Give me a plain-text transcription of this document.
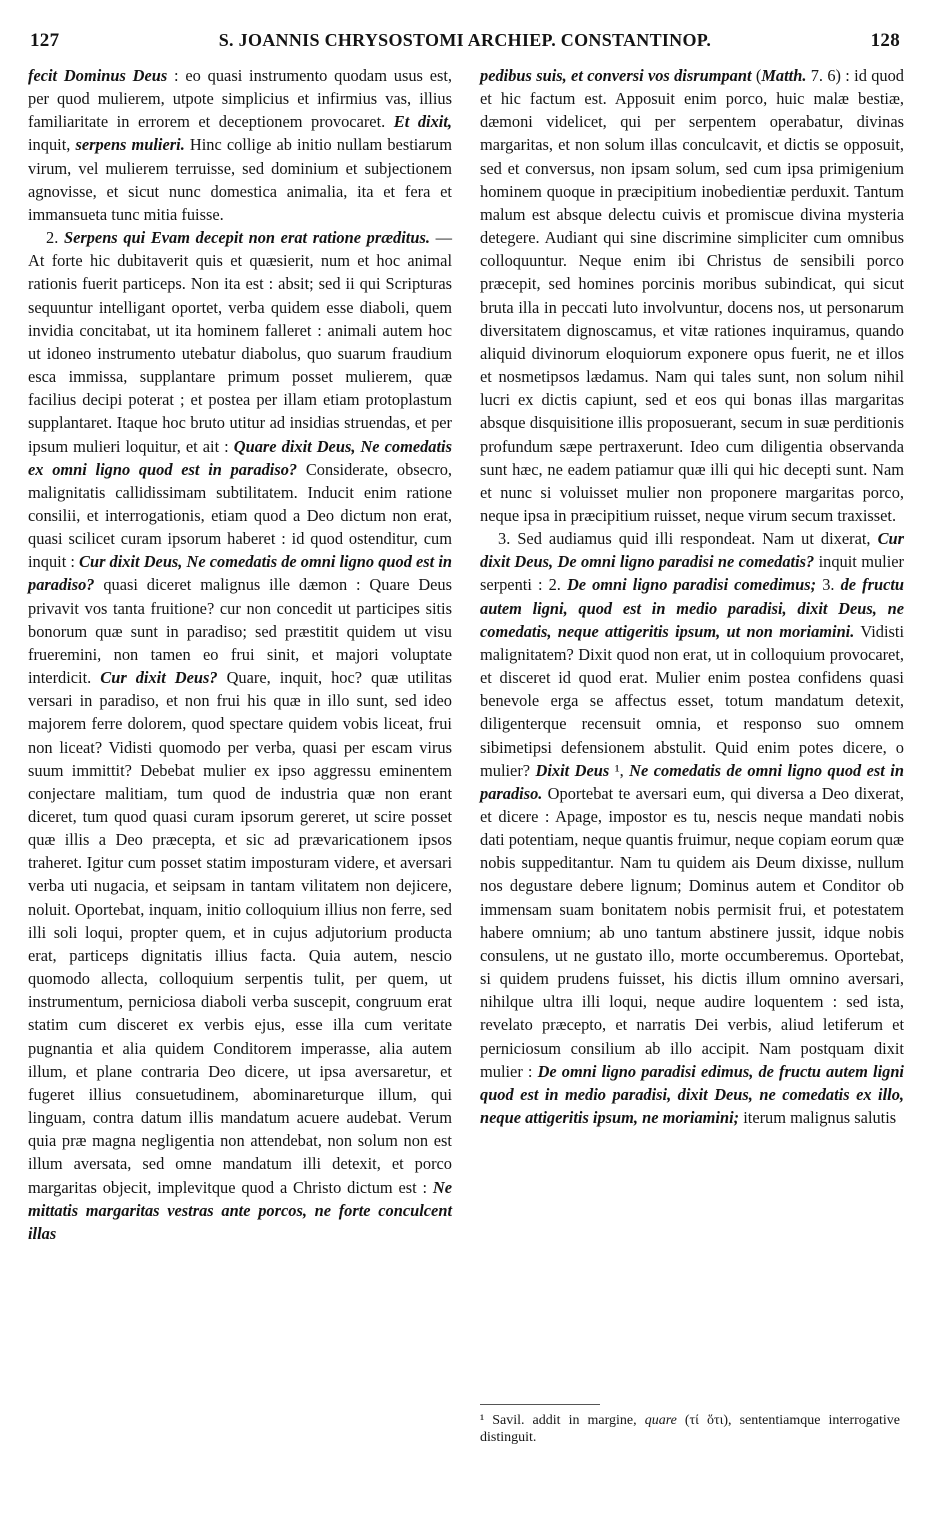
127	S. JOANNIS CHRYSOSTOMI ARCHIEP. CONSTANTINOP.	128

fecit Dominus Deus : eo quasi instrumento quodam usus est, per quod mulierem, utpote simplicius et infirmius vas, illius familiaritate in errorem et deceptionem provocaret. Et dixit, inquit, serpens mulieri. Hinc collige ab initio nullam bestiarum virum, vel mulierem terruisse, sed dominium et subjectionem agnovisse, et sicut nunc domestica animalia, ita et fera et immansueta tunc mitia fuisse.

2. Serpens qui Evam decepit non erat ratione præditus. —At forte hic dubitaverit quis et quæsierit, num et hoc animal rationis fuerit particeps. Non ita est : absit; sed ii qui Scripturas sequuntur intelligant oportet, verba quidem esse diaboli, quem invidia concitabat, ut ita hominem falleret : animali autem hoc ut idoneo instrumento utebatur diabolus, quo suarum fraudium esca immissa, supplantare primum posset mulierem, quæ facilius decipi poterat ; et postea per illam etiam protoplastum supplantaret. Itaque hoc bruto utitur ad insidias struendas, et per ipsum mulieri loquitur, et ait : Quare dixit Deus, Ne comedatis ex omni ligno quod est in paradiso? Considerate, obsecro, malignitatis callidissimam subtilitatem. Inducit enim ratione consilii, et interrogationis, etiam quod a Deo dictum non erat, quasi scilicet curam ipsorum haberet : id quod ostenditur, cum inquit : Cur dixit Deus, Ne comedatis de omni ligno quod est in paradiso? quasi diceret malignus ille dæmon : Quare Deus privavit vos tanta fruitione? cur non concedit ut participes sitis bonorum quæ sunt in paradiso; sed præstitit quidem ut visu frueremini, non tamen eo frui sinit, et majori voluptate interdicit. Cur dixit Deus? Quare, inquit, hoc? quæ utilitas versari in paradiso, et non frui his quæ in illo sunt, sed ideo majorem ferre dolorem, quod spectare quidem vobis liceat, frui non liceat? Vidisti quomodo per verba, quasi per escam virus suum immittit? Debebat mulier ex ipso aggressu eminentem conjectare malitiam, tum quod de industria quæ non erant diceret, tum quod quasi curam ipsorum gereret, ut scire posset quæ illis a Deo præcepta, et sic ad prævaricationem ipsos traheret. Igitur cum posset statim imposturam videre, et aversari verba uti nugacia, et seipsam in tantam vilitatem non dejicere, noluit. Oportebat, inquam, initio colloquium illius non ferre, sed illi soli loqui, propter quem, et in cujus adjutorium producta erat, particeps dignitatis illius facta. Quia autem, nescio quomodo allecta, colloquium serpentis tulit, per quem, ut instrumentum, perniciosa diaboli verba suscepit, congruum erat statim cum disceret ex verbis ejus, esse illa cum veritate pugnantia et alia quidem Conditorem imperasse, alia autem illum, et plane contraria Deo dicere, ut ipsa aversaretur, et fugeret illius consuetudinem, abominareturque illum, qui linguam, contra datum illis mandatum acuere audebat. Verum quia præ magna negligentia non attendebat, non solum non est illum aversata, sed omne mandatum illi detexit, et porco margaritas objecit, implevitque quod a Christo dictum est : Ne mittatis margaritas vestras ante porcos, ne forte conculcent illas

pedibus suis, et conversi vos disrumpant (Matth. 7. 6) : id quod et hic factum est. Apposuit enim porco, huic malæ bestiæ, dæmoni videlicet, qui per serpentem operabatur, divinas margaritas, et non solum illas conculcavit, et dictis se opposuit, sed et conversus, non ipsam solum, sed cum ipsa primigenium hominem quoque in præcipitium inobedientiæ perduxit. Tantum malum est absque delectu cuivis et promiscue divina mysteria detegere. Audiant qui sine discrimine simpliciter cum omnibus colloquuntur. Neque enim ibi Christus de sensibili porco præcepit, sed homines porcinis moribus subindicat, qui sicut bruta illa in peccati luto involvuntur, docens nos, ut personarum diversitatem dignoscamus, et vitæ rationes inquiramus, quando aliquid divinorum eloquiorum exponere opus fuerit, ne et illos et nosmetipsos lædamus. Nam qui tales sunt, non solum nihil lucri ex dictis capiunt, sed et eos qui bonas illas margaritas absque disquisitione illis proposuerant, secum in suæ perditionis profundum sæpe pertraxerunt. Ideo cum diligentia observanda sunt hæc, ne eadem patiamur quæ illi qui hic decepti sunt. Nam et nunc si voluisset mulier non proponere margaritas porco, neque ipsa in præcipitium ruisset, neque virum secum traxisset.

3. Sed audiamus quid illi respondeat. Nam ut dixerat, Cur dixit Deus, De omni ligno paradisi ne comedatis? inquit mulier serpenti : 2. De omni ligno paradisi comedimus; 3. de fructu autem ligni, quod est in medio paradisi, dixit Deus, ne comedatis, neque attigeritis ipsum, ut non moriamini. Vidisti malignitatem? Dixit quod non erat, ut in colloquium provocaret, et disceret id quod erat. Mulier enim postea confidens quasi benevole erga se affectus esset, totum mandatum detexit, diligenterque recensuit omnia, et responso suo omnem sibimetipsi defensionem abstulit. Quid enim potes dicere, o mulier? Dixit Deus ¹, Ne comedatis de omni ligno quod est in paradiso. Oportebat te aversari eum, qui diversa a Deo dixerat, et dicere : Apage, impostor es tu, nescis neque mandati nobis dati potentiam, neque quantis fruimur, neque copiam eorum quæ nobis suppeditantur. Nam tu quidem ais Deum dixisse, nullum nos degustare debere lignum; Dominus autem et Conditor ob immensam suam bonitatem nobis permisit frui, et potestatem habere omnium; ab uno tantum abstinere jussit, idque nobis consulens, ut ne gustato illo, morte occumberemus. Oportebat, si quidem prudens fuisset, his dictis illum omnino aversari, nihilque ultra illi loqui, neque audire loquentem : sed ista, revelato præcepto, et narratis Dei verbis, aliud letiferum et perniciosum consilium ab illo accipit. Nam postquam dixit mulier : De omni ligno paradisi edimus, de fructu autem ligni quod est in medio paradisi, dixit Deus, ne comedatis ex illo, neque attigeritis ipsum, ne moriamini; iterum malignus salutis

¹ Savil. addit in margine, quare (τί ὅτι), sententiamque interrogative distinguit.
